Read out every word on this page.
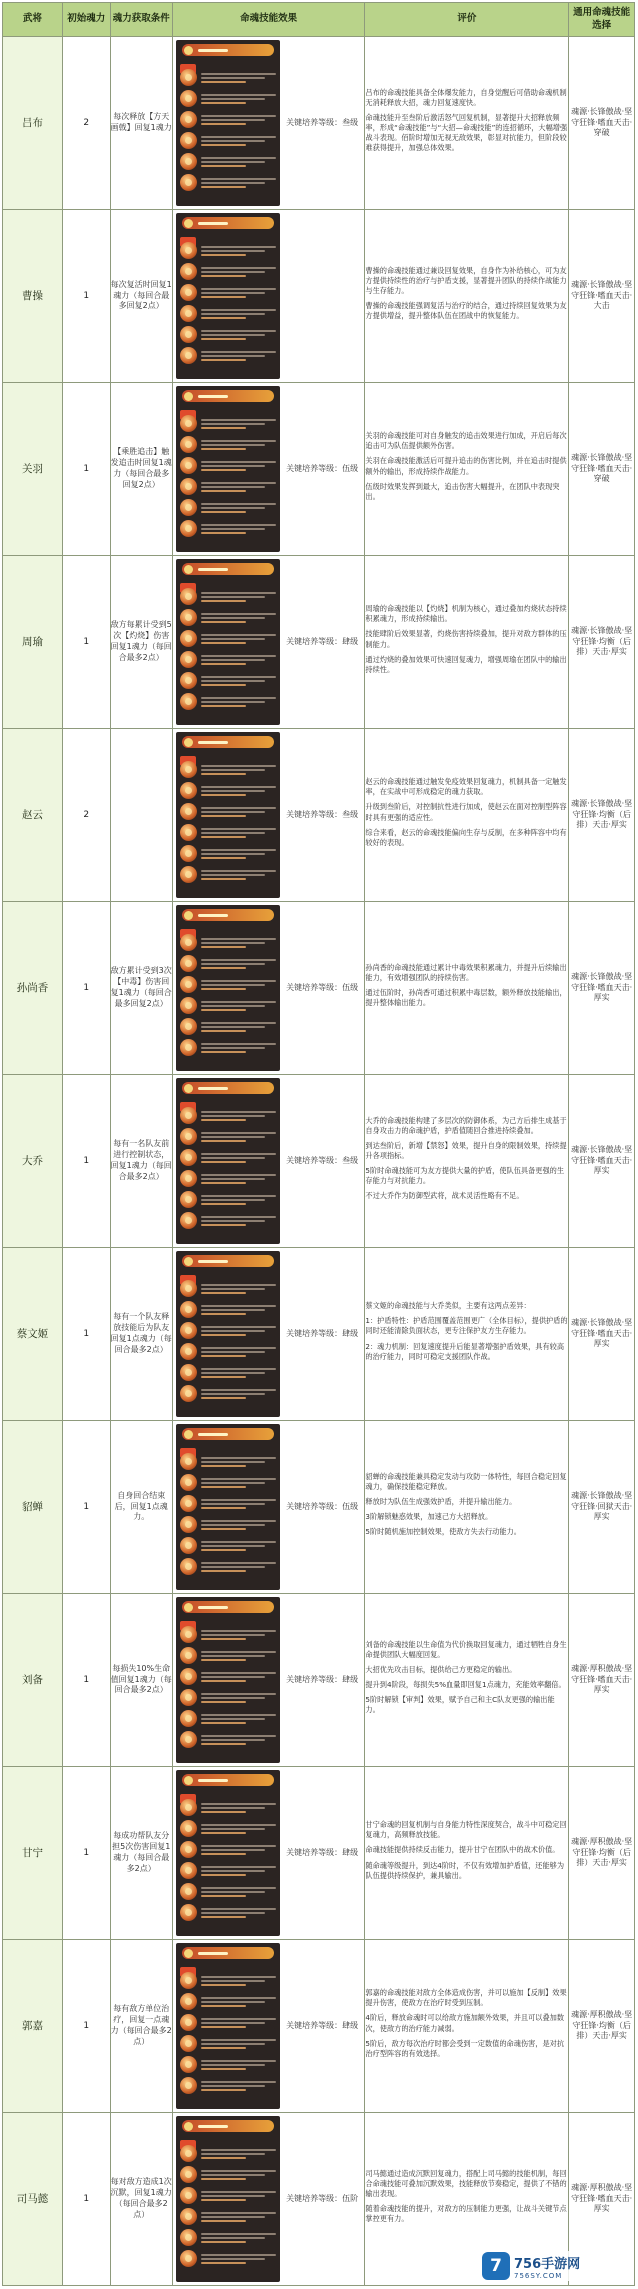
武将	初始魂力	魂力获取条件	命魂技能效果	评价	通用命魂技能选择
吕布	2	每次释放【方天画戟】回复1魂力	关键培养等级：叁级	吕布的命魂技能具备全体爆发能力，自身觉醒后可借助命魂机制无消耗释放大招，魂力回复速度快。

命魂技能升至叁阶后激活怒气回复机制，显著提升大招释放频率，形成“命魂技能”与“大招—命魂技能”的连招循环，大幅增强战斗表现。佰阶时增加无视无敌效果，彰显对抗能力，但阶段较难获得提升，加强总体效果。	魂源·长锋傲战·坚守狂锋·嗜血天击·穿破
曹操	1	每次复活时回复1魂力（每回合最多回复2点）		曹操的命魂技能通过兼设回复效果，自身作为补给核心，可为友方提供持续性的治疗与护盾支援，显著提升团队的持续作战能力与生存能力。

曹操的命魂技能强调复活与治疗的结合，通过持续回复效果为友方提供增益，提升整体队伍在团战中的恢复能力。	魂源·长锋傲战·坚守狂锋·嗜血天击·大击
关羽	1	【乘胜追击】触发追击时回复1魂力（每回合最多回复2点）	关键培养等级：伍级	关羽的命魂技能可对自身触发的追击效果进行加成，开启后每次追击可为队伍提供额外伤害。

关羽在命魂技能激活后可提升追击的伤害比例，并在追击时提供额外的输出，形成持续作战能力。

伍级时效果发挥到最大，追击伤害大幅提升，在团队中表现突出。	魂源·长锋傲战·坚守狂锋·嗜血天击·穿破
周瑜	1	敌方每累计受到5次【灼烧】伤害回复1魂力（每回合最多2点）	关键培养等级：肆级	周瑜的命魂技能以【灼烧】机制为核心，通过叠加灼烧状态持续积累魂力，形成持续输出。

技能肆阶后效果显著，灼烧伤害持续叠加，提升对敌方群体的压制能力。

通过灼烧的叠加效果可快速回复魂力，增强周瑜在团队中的输出持续性。	魂源·长锋傲战·坚守狂锋·均衡（后排）天击·厚实
赵云	2		关键培养等级：叁级	赵云的命魂技能通过触发免疫效果回复魂力，机制具备一定触发率，在实战中可形成稳定的魂力获取。

升级到叁阶后，对控制抗性进行加成，使赵云在面对控制型阵容时具有更强的适应性。

综合来看，赵云的命魂技能偏向生存与反制，在多种阵容中均有较好的表现。	魂源·长锋傲战·坚守狂锋·均衡（后排）天击·厚实
孙尚香	1	敌方累计受到3次【中毒】伤害回复1魂力（每回合最多回复2点）	关键培养等级：伍级	孙尚香的命魂技能通过累计中毒效果积累魂力，并提升后续输出能力，有效增强团队的持续伤害。

通过伍阶时，孙尚香可通过积累中毒层数，额外释放技能输出，提升整体输出能力。	魂源·长锋傲战·坚守狂锋·嗜血天击·厚实
大乔	1	每有一名队友前进行控制状态，回复1魂力（每回合最多2点）	关键培养等级：叁级	大乔的命魂技能构建了多层次的防御体系，为己方后排生成基于自身攻击力的命魂护盾，护盾值随回合推进持续叠加。

到达叁阶后，新增【禁怒】效果，提升自身的限制效果，持续提升各项指标。

5阶时命魂技能可为友方提供大量的护盾，使队伍具备更强的生存能力与对抗能力。

不过大乔作为防御型武将，战术灵活性略有不足。	魂源·长锋傲战·坚守狂锋·嗜血天击·厚实
蔡文姬	1	每有一个队友释放技能后为队友回复1点魂力（每回合最多2点）	关键培养等级：肆级	蔡文姬的命魂技能与大乔类似，主要有这两点差异：

1：护盾特性：护盾范围覆盖范围更广（全体目标），提供护盾的同时还能清除负面状态，更专注保护友方生存能力。

2：魂力机制：回复速度提升后能显著增强护盾效果，具有较高的治疗能力，同时可稳定支援团队作战。	魂源·长锋傲战·坚守狂锋·嗜血天击·厚实
貂蝉	1	自身回合结束后，回复1点魂力。	关键培养等级：伍级	貂蝉的命魂技能兼具稳定发动与攻防一体特性，每回合稳定回复魂力，确保技能稳定释放。

释放时为队伍生成强效护盾，并提升输出能力。

3阶解锁魅惑效果，加速己方大招释放。

5阶时随机施加控制效果，使敌方失去行动能力。	魂源·长锋傲战·坚守狂锋·回狱天击·厚实
刘备	1	每损失10%生命值回复1魂力（每回合最多2点）	关键培养等级：肆级	刘备的命魂技能以生命值为代价换取回复魂力，通过牺牲自身生命提供团队大幅度回复。

大招优先攻击目标，提供给己方更稳定的输出。

提升到4阶段，每损失5%血量即回复1点魂力，充能效率翻倍。

5阶时解锁【审判】效果，赋予自己和主C队友更强的输出能力。	魂源·厚积傲战·坚守狂锋·嗜血天击·厚实
甘宁	1	每成功帮队友分担5次伤害回复1魂力（每回合最多2点）	关键培养等级：肆级	甘宁命魂的回复机制与自身能力特性深度契合，战斗中可稳定回复魂力，高频释放技能。

命魂技能提供持续反击能力，提升甘宁在团队中的战术价值。

随命魂等级提升，到达4阶时，不仅有效增加护盾值，还能够为队伍提供持续保护，兼具输出。	魂源·厚积傲战·坚守狂锋·均衡（后排）天击·厚实
郭嘉	1	每有敌方单位治疗，回复一点魂力（每回合最多2点）	关键培养等级：肆级	郭嘉的命魂技能对敌方全体造成伤害，并可以施加【反制】效果提升伤害，使敌方在治疗时受到压制。

4阶后，释放命魂时可以给敌方施加额外效果，并且可以叠加数次，使敌方的治疗能力减弱。

5阶后，敌方每次治疗时都会受到一定数值的命魂伤害，是对抗治疗型阵容的有效选择。	魂源·厚积傲战·坚守狂锋·均衡（后排）天击·厚实
司马懿	1	每对敌方造成1次沉默，回复1魂力（每回合最多2点）	关键培养等级：伍阶	司马懿通过造成沉默回复魂力，搭配上司马懿的技能机制，每回合命魂技能可叠加沉默效果，技能释放节奏稳定，提供了不错的输出表现。

随着命魂技能的提升，对敌方的压制能力更强，让战斗关键节点掌控更有力。	魂源·厚积傲战·坚守狂锋·嗜血天击·厚实
7 756手游网
756SY.COM
